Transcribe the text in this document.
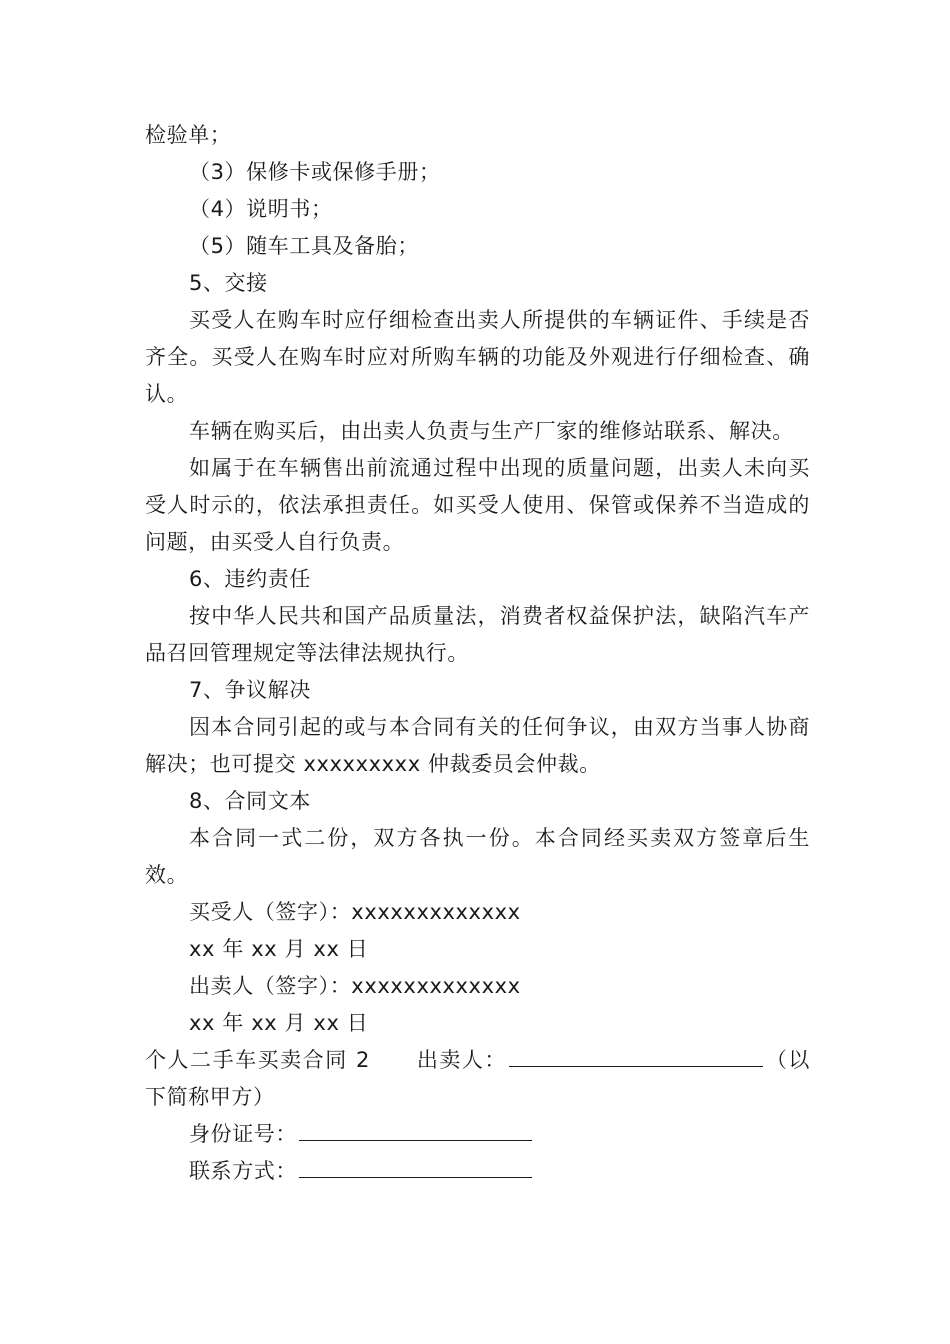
检验单；

（3）保修卡或保修手册；

（4）说明书；

（5）随车工具及备胎；

5、交接

买受人在购车时应仔细检查出卖人所提供的车辆证件、手续是否齐全。买受人在购车时应对所购车辆的功能及外观进行仔细检查、确认。

车辆在购买后，由出卖人负责与生产厂家的维修站联系、解决。

如属于在车辆售出前流通过程中出现的质量问题，出卖人未向买受人时示的，依法承担责任。如买受人使用、保管或保养不当造成的问题，由买受人自行负责。

6、违约责任

按中华人民共和国产品质量法，消费者权益保护法，缺陷汽车产品召回管理规定等法律法规执行。

7、争议解决

因本合同引起的或与本合同有关的任何争议，由双方当事人协商解决；也可提交 xxxxxxxxx 仲裁委员会仲裁。

8、合同文本

本合同一式二份，双方各执一份。本合同经买卖双方签章后生效。

买受人（签字）：xxxxxxxxxxxxx

xx 年 xx 月 xx 日

出卖人（签字）：xxxxxxxxxxxxx

xx 年 xx 月 xx 日

个人二手车买卖合同 2 出卖人：	（以下简称甲方）

身份证号：

联系方式：
